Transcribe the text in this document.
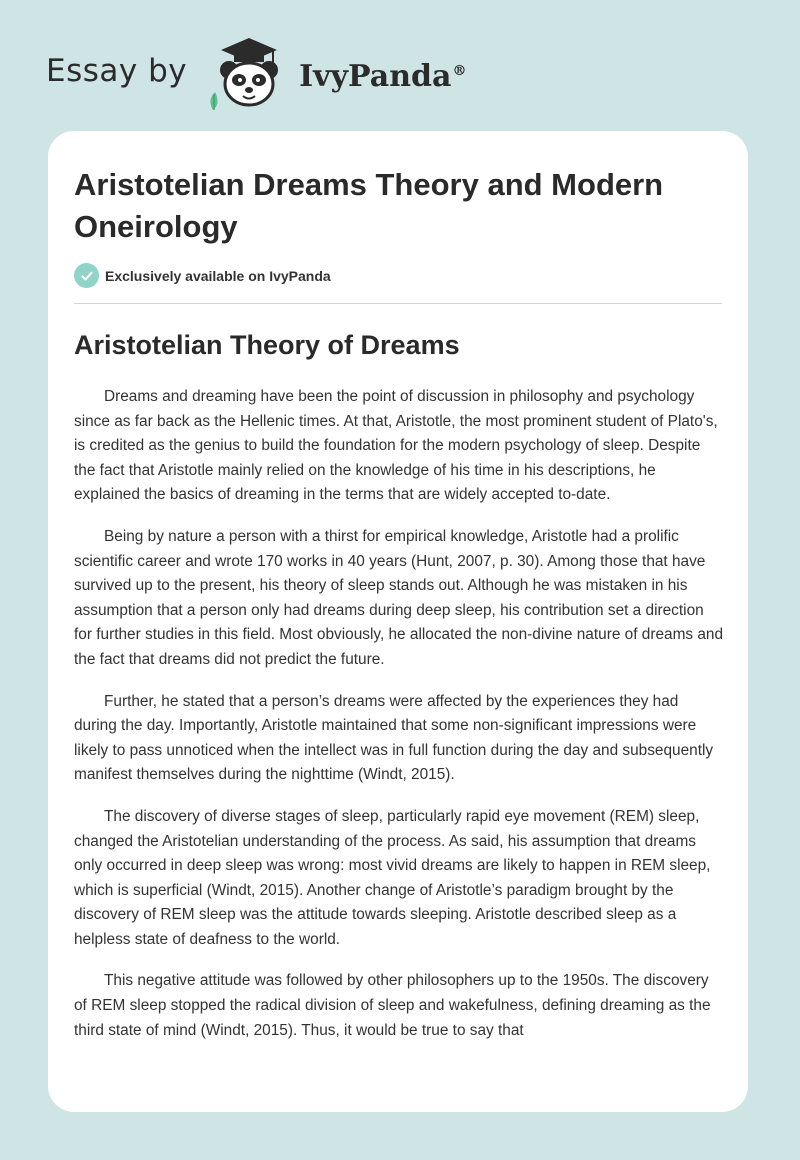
Essay by	IvyPanda®
Aristotelian Dreams Theory and Modern Oneirology
Exclusively available on IvyPanda
Aristotelian Theory of Dreams

Dreams and dreaming have been the point of discussion in philosophy and psychology since as far back as the Hellenic times. At that, Aristotle, the most prominent student of Plato's, is credited as the genius to build the foundation for the modern psychology of sleep. Despite the fact that Aristotle mainly relied on the knowledge of his time in his descriptions, he explained the basics of dreaming in the terms that are widely accepted to-date.

Being by nature a person with a thirst for empirical knowledge, Aristotle had a prolific scientific career and wrote 170 works in 40 years (Hunt, 2007, p. 30). Among those that have survived up to the present, his theory of sleep stands out. Although he was mistaken in his assumption that a person only had dreams during deep sleep, his contribution set a direction for further studies in this field. Most obviously, he allocated the non-divine nature of dreams and the fact that dreams did not predict the future.

Further, he stated that a person’s dreams were affected by the experiences they had during the day. Importantly, Aristotle maintained that some non-significant impressions were likely to pass unnoticed when the intellect was in full function during the day and subsequently manifest themselves during the nighttime (Windt, 2015).

The discovery of diverse stages of sleep, particularly rapid eye movement (REM) sleep, changed the Aristotelian understanding of the process. As said, his assumption that dreams only occurred in deep sleep was wrong: most vivid dreams are likely to happen in REM sleep, which is superficial (Windt, 2015). Another change of Aristotle’s paradigm brought by the discovery of REM sleep was the attitude towards sleeping. Aristotle described sleep as a helpless state of deafness to the world.

This negative attitude was followed by other philosophers up to the 1950s. The discovery of REM sleep stopped the radical division of sleep and wakefulness, defining dreaming as the third state of mind (Windt, 2015). Thus, it would be true to say that
